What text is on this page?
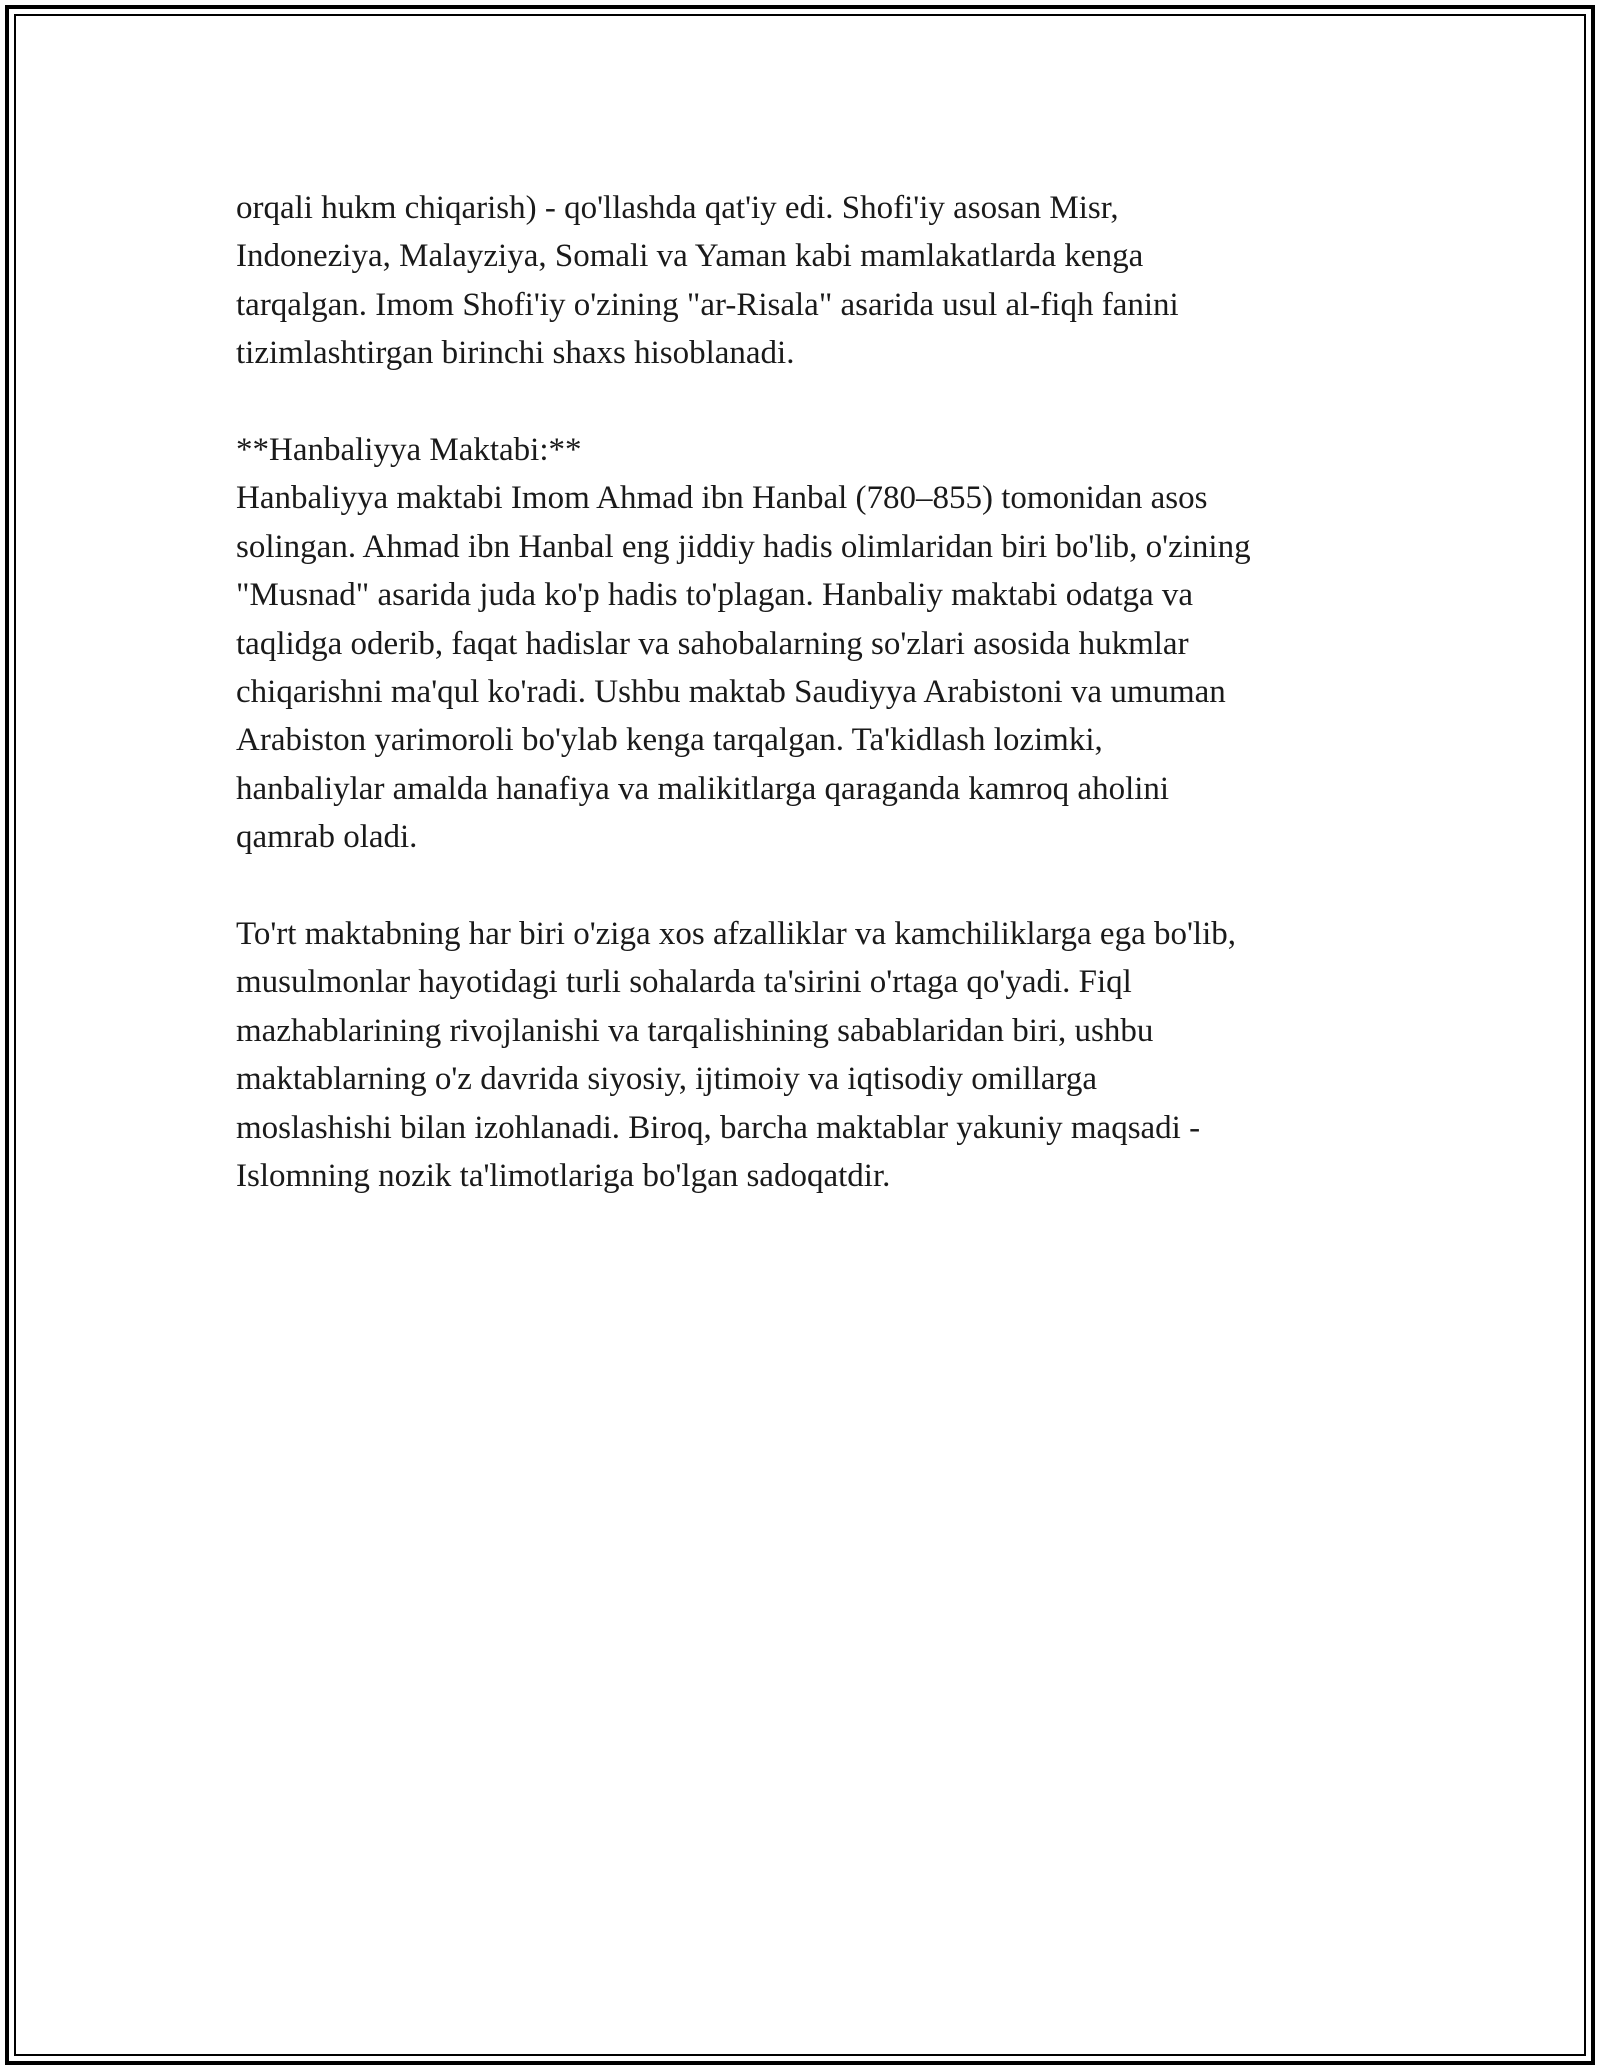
orqali hukm chiqarish) - qo'llashda qat'iy edi. Shofi'iy asosan Misr,
Indoneziya, Malayziya, Somali va Yaman kabi mamlakatlarda kenga
tarqalgan. Imom Shofi'iy o'zining "ar-Risala" asarida usul al-fiqh fanini
tizimlashtirgan birinchi shaxs hisoblanadi.

**Hanbaliyya Maktabi:**

Hanbaliyya maktabi Imom Ahmad ibn Hanbal (780–855) tomonidan asos
solingan. Ahmad ibn Hanbal eng jiddiy hadis olimlaridan biri bo'lib, o'zining
"Musnad" asarida juda ko'p hadis to'plagan. Hanbaliy maktabi odatga va
taqlidga oderib, faqat hadislar va sahobalarning so'zlari asosida hukmlar
chiqarishni ma'qul ko'radi. Ushbu maktab Saudiyya Arabistoni va umuman
Arabiston yarimoroli bo'ylab kenga tarqalgan. Ta'kidlash lozimki,
hanbaliylar amalda hanafiya va malikitlarga qaraganda kamroq aholini
qamrab oladi.

To'rt maktabning har biri o'ziga xos afzalliklar va kamchiliklarga ega bo'lib,
musulmonlar hayotidagi turli sohalarda ta'sirini o'rtaga qo'yadi. Fiql
mazhablarining rivojlanishi va tarqalishining sabablaridan biri, ushbu
maktablarning o'z davrida siyosiy, ijtimoiy va iqtisodiy omillarga
moslashishi bilan izohlanadi. Biroq, barcha maktablar yakuniy maqsadi -
Islomning nozik ta'limotlariga bo'lgan sadoqatdir.
